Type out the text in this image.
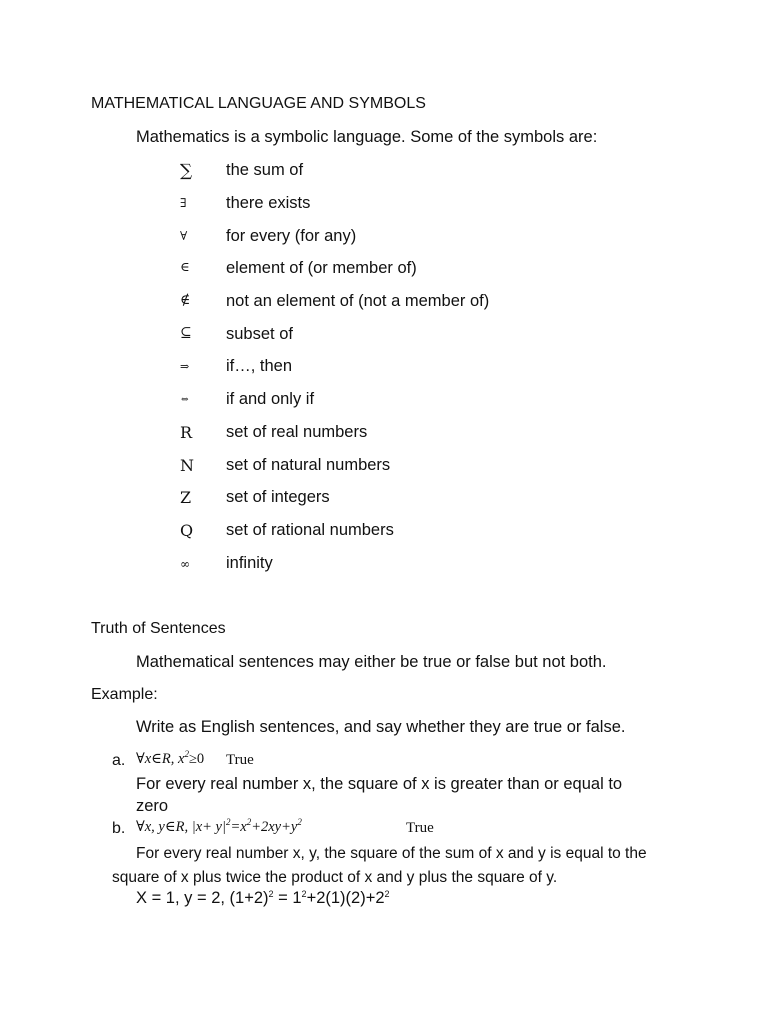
MATHEMATICAL LANGUAGE AND SYMBOLS
Mathematics is a symbolic language. Some of the symbols are:
∑	the sum of
∃	there exists
∀	for every (for any)
∈	element of (or member of)
∉	not an element of (not a member of)
⊆	subset of
⇒	if…, then
⇔	if and only if
R	set of real numbers
N	set of natural numbers
Z	set of integers
Q	set of rational numbers
∞	infinity
Truth of Sentences
Mathematical sentences may either be true or false but not both.
Example:
Write as English sentences, and say whether they are true or false.
a. ∀x∈R, $x^2\ge 0$ True
For every real number x, the square of x is greater than or equal to
zero
b. ∀x, y∈R, $|x+ y|^2=x^2+2xy+y^2$	True
For every real number x, y, the square of the sum of x and y is equal to the
square of x plus twice the product of x and y plus the square of y.
X = 1, y = 2, $(1+2)^2 = 1^2+2(1)(2)+2^2$
